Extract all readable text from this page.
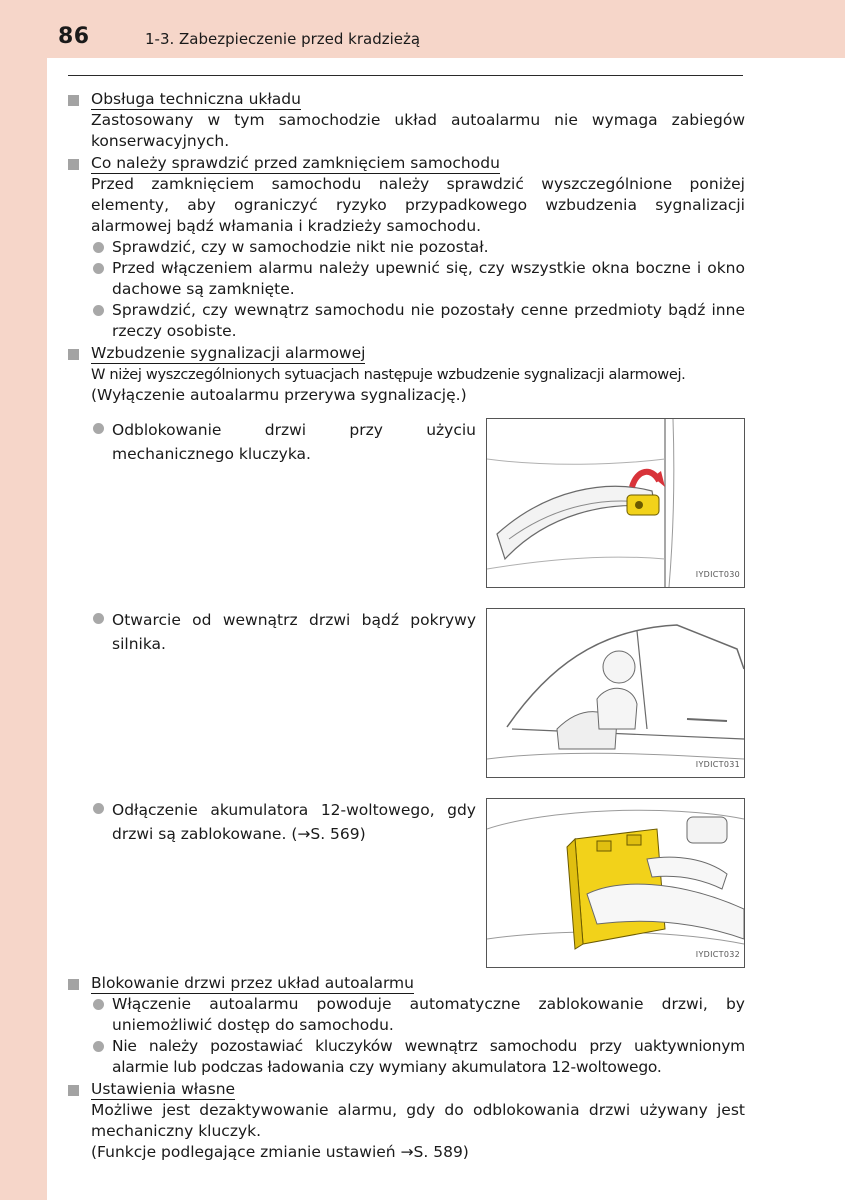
86	1-3. Zabezpieczenie przed kradzieżą
Obsługa techniczna układu
Zastosowany w tym samochodzie układ autoalarmu nie wymaga zabiegów konserwacyjnych.
Co należy sprawdzić przed zamknięciem samochodu
Przed zamknięciem samochodu należy sprawdzić wyszczególnione poniżej elementy, aby ograniczyć ryzyko przypadkowego wzbudzenia sygnalizacji alarmowej bądź włamania i kradzieży samochodu.
Sprawdzić, czy w samochodzie nikt nie pozostał.
Przed włączeniem alarmu należy upewnić się, czy wszystkie okna boczne i okno dachowe są zamknięte.
Sprawdzić, czy wewnątrz samochodu nie pozostały cenne przedmioty bądź inne rzeczy osobiste.
Wzbudzenie sygnalizacji alarmowej
W niżej wyszczególnionych sytuacjach następuje wzbudzenie sygnalizacji alarmowej.
(Wyłączenie autoalarmu przerywa sygnalizację.)
Odblokowanie drzwi przy użyciu mechanicznego kluczyka.
IYDICT030
Otwarcie od wewnątrz drzwi bądź pokrywy silnika.
IYDICT031
Odłączenie akumulatora 12-woltowego, gdy drzwi są zablokowane. (→S. 569)
IYDICT032
Blokowanie drzwi przez układ autoalarmu
Włączenie autoalarmu powoduje automatyczne zablokowanie drzwi, by uniemożliwić dostęp do samochodu.
Nie należy pozostawiać kluczyków wewnątrz samochodu przy uaktywnionym alarmie lub podczas ładowania czy wymiany akumulatora 12-woltowego.
Ustawienia własne
Możliwe jest dezaktywowanie alarmu, gdy do odblokowania drzwi używany jest mechaniczny kluczyk.
(Funkcje podlegające zmianie ustawień →S. 589)
